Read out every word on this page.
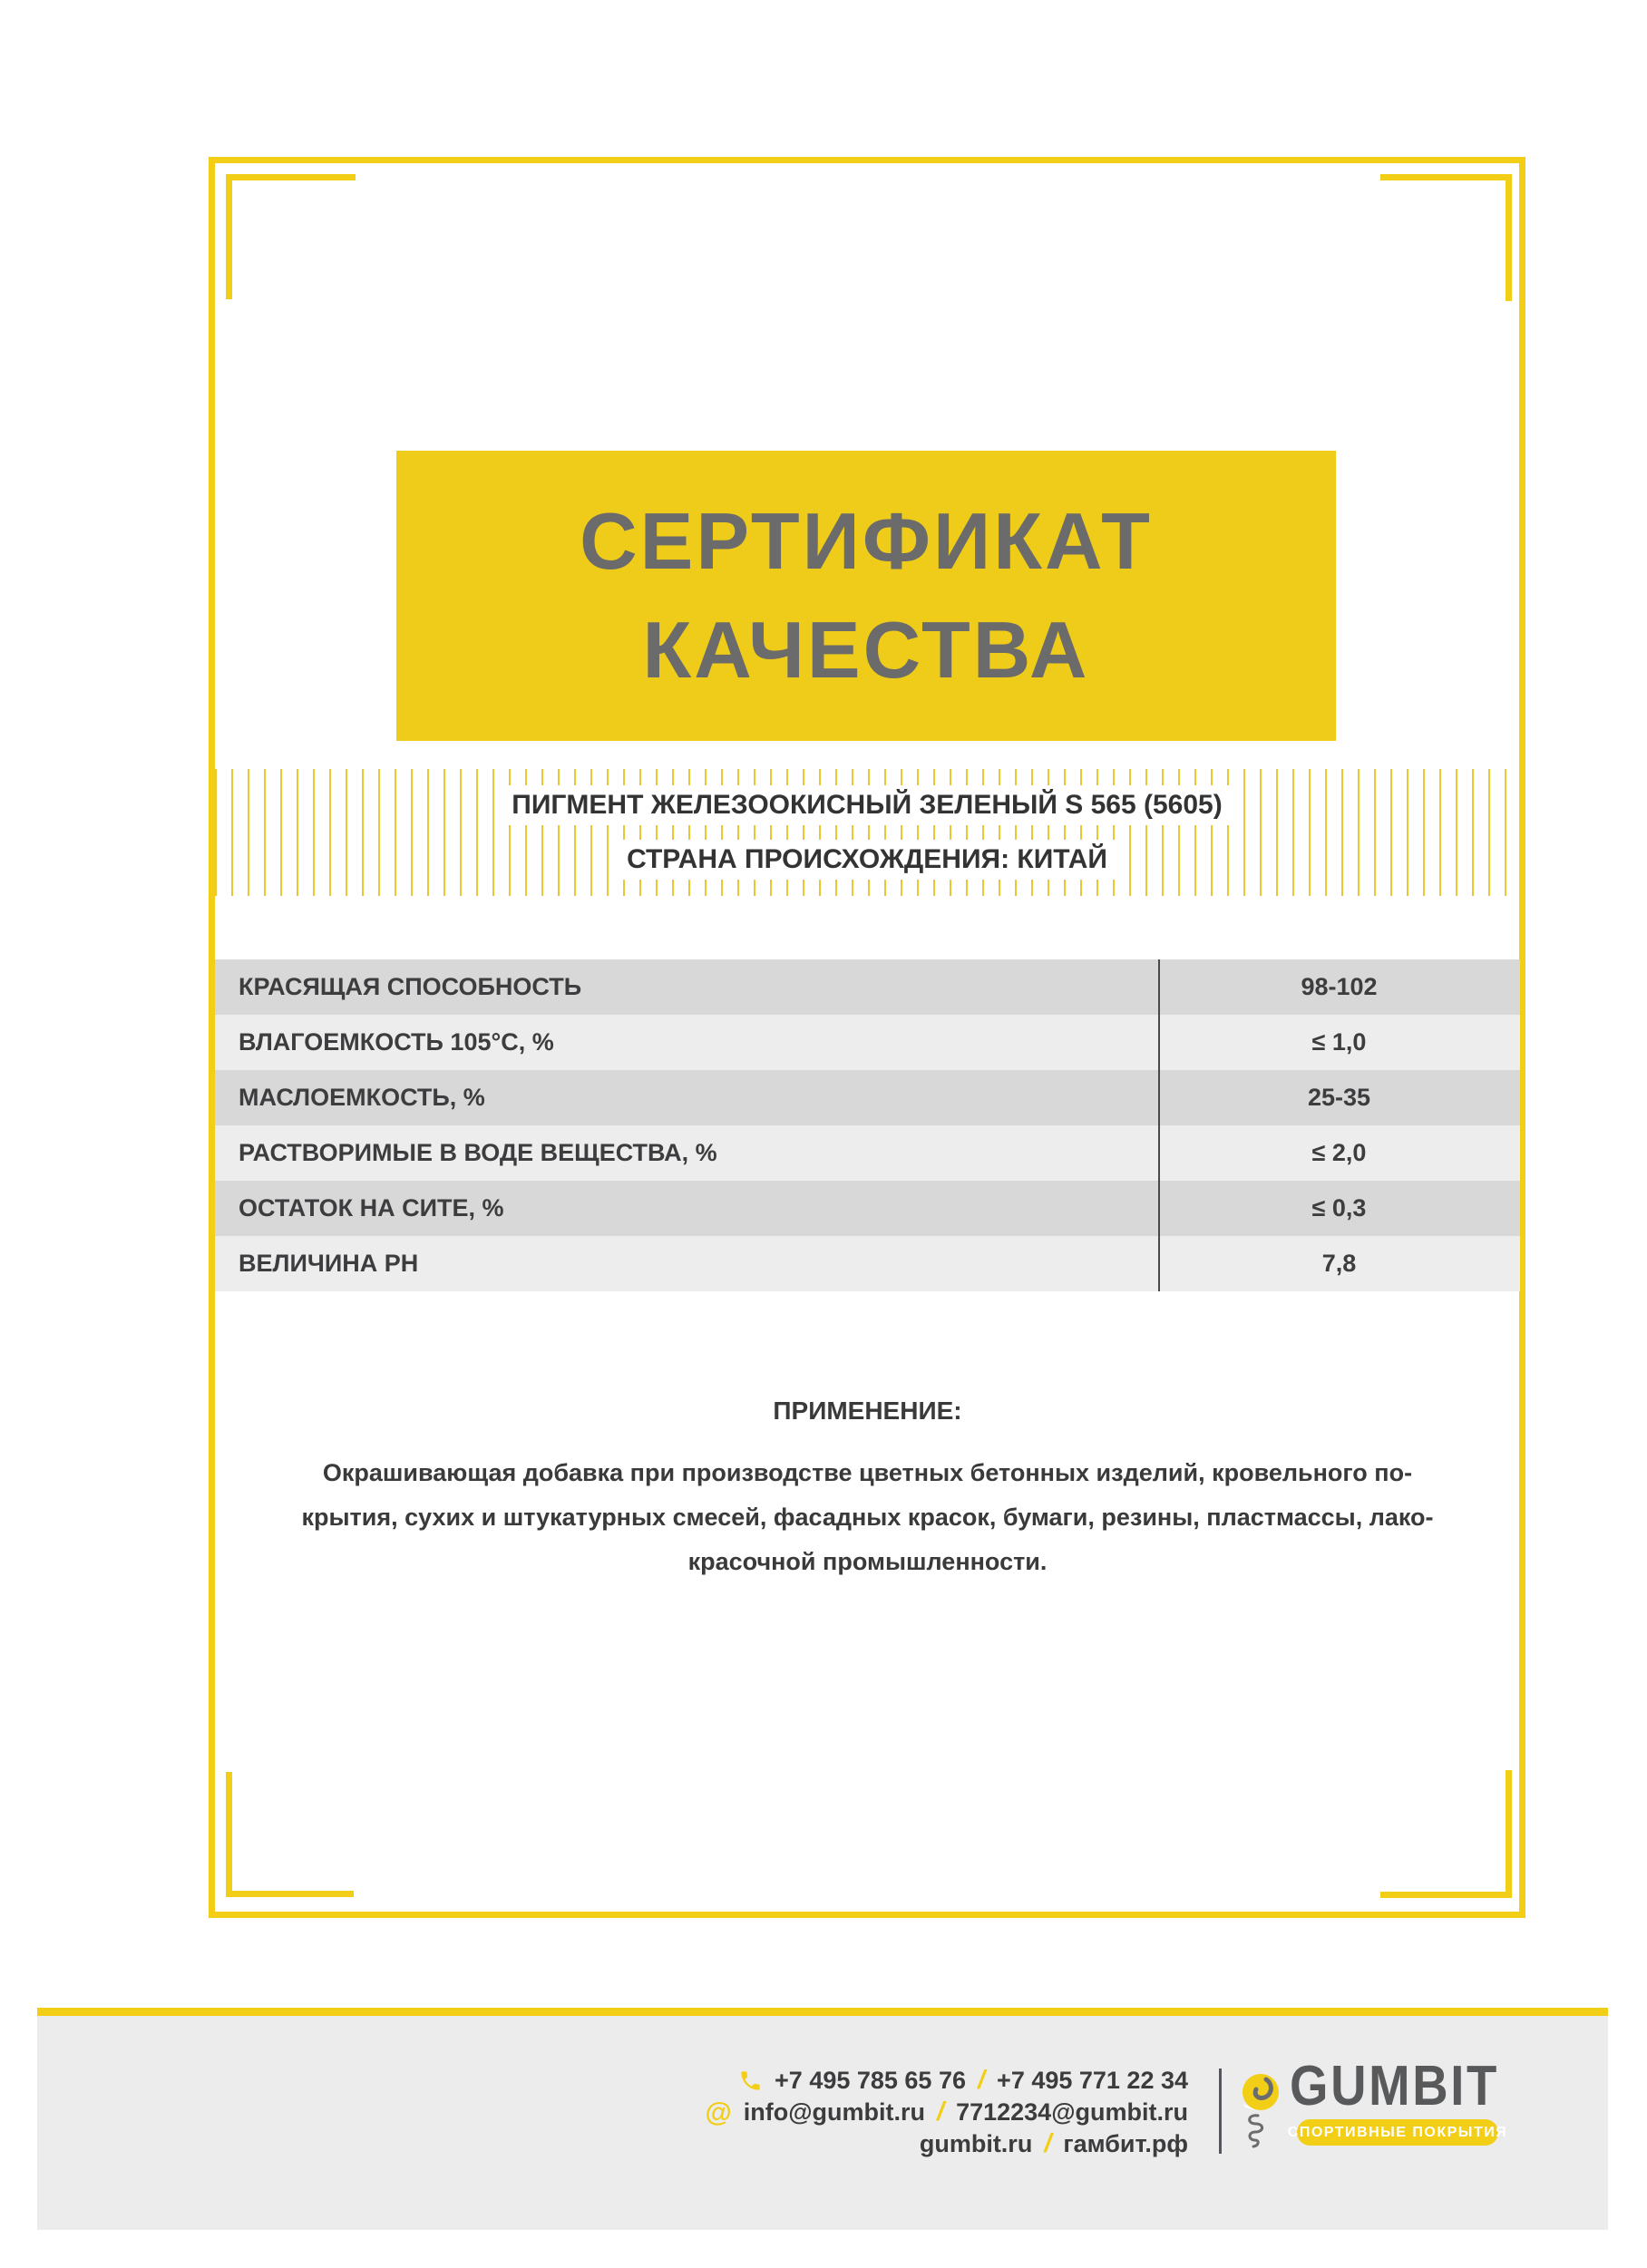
СЕРТИФИКАТ
КАЧЕСТВА
ПИГМЕНТ ЖЕЛЕЗООКИСНЫЙ ЗЕЛЕНЫЙ S 565 (5605)
СТРАНА ПРОИСХОЖДЕНИЯ: КИТАЙ
КРАСЯЩАЯ СПОСОБНОСТЬ	98-102
ВЛАГОЕМКОСТЬ 105°С, %	≤ 1,0
МАСЛОЕМКОСТЬ, %	25-35
РАСТВОРИМЫЕ В ВОДЕ ВЕЩЕСТВА, %	≤ 2,0
ОСТАТОК НА СИТЕ, %	≤ 0,3
ВЕЛИЧИНА РН	7,8
ПРИМЕНЕНИЕ:
Окрашивающая добавка при производстве цветных бетонных изделий, кровельного по-
крытия, сухих и штукатурных смесей, фасадных красок, бумаги, резины, пластмассы, лако-
красочной промышленности.
+7 495 785 65 76 / +7 495 771 22 34
@ info@gumbit.ru / 7712234@gumbit.ru
gumbit.ru / гамбит.рф
GUMBIT
СПОРТИВНЫЕ ПОКРЫТИЯ
